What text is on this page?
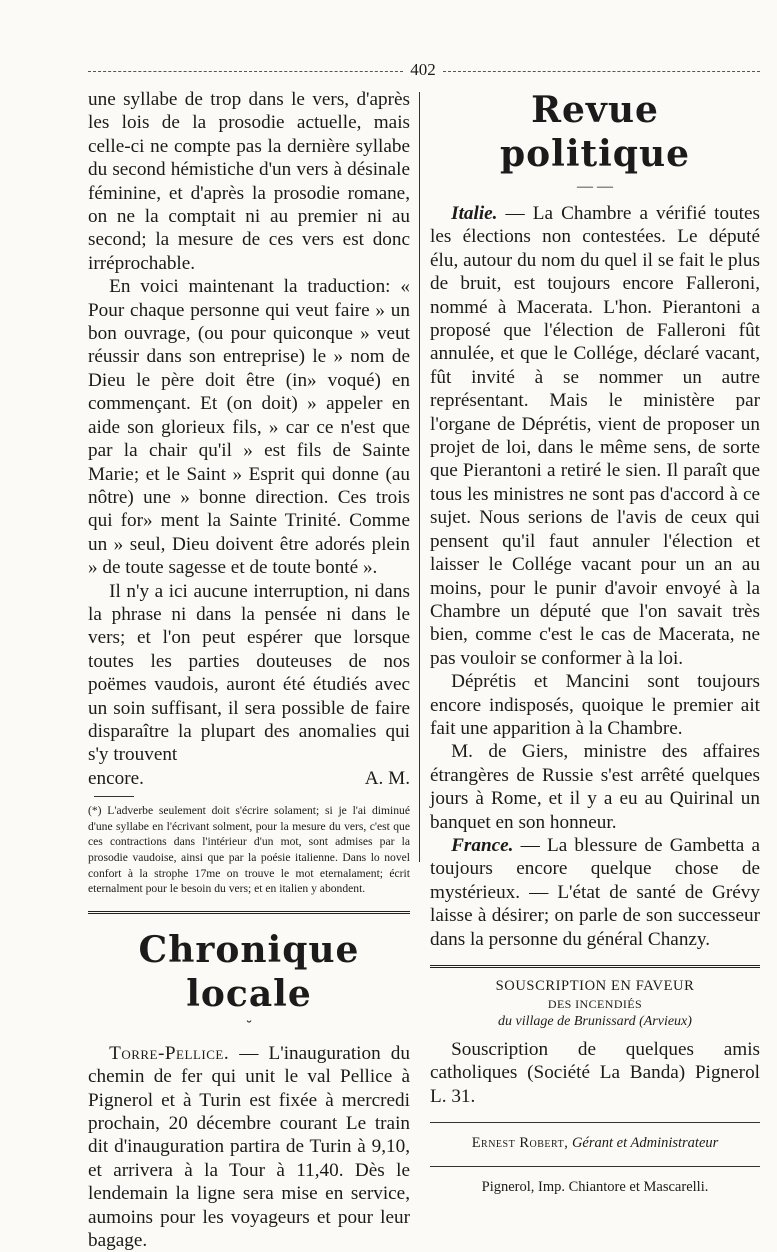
402

une syllabe de trop dans le vers, d'après les lois de la prosodie actuelle, mais celle-ci ne compte pas la dernière syllabe du second hémistiche d'un vers à désinale féminine, et d'après la prosodie romane, on ne la comptait ni au premier ni au second; la mesure de ces vers est donc irréprochable.

En voici maintenant la traduction: « Pour chaque personne qui veut faire » un bon ouvrage, (ou pour quiconque » veut réussir dans son entreprise) le » nom de Dieu le père doit être (in» voqué) en commençant. Et (on doit) » appeler en aide son glorieux fils, » car ce n'est que par la chair qu'il » est fils de Sainte Marie; et le Saint » Esprit qui donne (au nôtre) une » bonne direction. Ces trois qui for» ment la Sainte Trinité. Comme un » seul, Dieu doivent être adorés plein » de toute sagesse et de toute bonté ».

Il n'y a ici aucune interruption, ni dans la phrase ni dans la pensée ni dans le vers; et l'on peut espérer que lorsque toutes les parties douteuses de nos poëmes vaudois, auront été étudiés avec un soin suffisant, il sera possible de faire disparaître la plupart des anomalies qui s'y trouvent

encore.	A. M.
(*) L'adverbe seulement doit s'écrire solament; si je l'ai diminué d'une syllabe en l'écrivant solment, pour la mesure du vers, c'est que ces contractions dans l'intérieur d'un mot, sont admises par la prosodie vaudoise, ainsi que par la poésie italienne. Dans lo novel confort à la strophe 17me on trouve le mot eternalament; écrit eternalment pour le besoin du vers; et en italien y abondent.
Chronique locale
˘

Torre-Pellice. — L'inauguration du chemin de fer qui unit le val Pellice à Pignerol et à Turin est fixée à mercredi prochain, 20 décembre courant Le train dit d'inauguration partira de Turin à 9,10, et arrivera à la Tour à 11,40. Dès le lendemain la ligne sera mise en service, aumoins pour les voyageurs et pour leur bagage.

Revue politique
— —

Italie. — La Chambre a vérifié toutes les élections non contestées. Le député élu, autour du nom du quel il se fait le plus de bruit, est toujours encore Falleroni, nommé à Macerata. L'hon. Pierantoni a proposé que l'élection de Falleroni fût annulée, et que le Collége, déclaré vacant, fût invité à se nommer un autre représentant. Mais le ministère par l'organe de Déprétis, vient de proposer un projet de loi, dans le même sens, de sorte que Pierantoni a retiré le sien. Il paraît que tous les ministres ne sont pas d'accord à ce sujet. Nous serions de l'avis de ceux qui pensent qu'il faut annuler l'élection et laisser le Collége vacant pour un an au moins, pour le punir d'avoir envoyé à la Chambre un député que l'on savait très bien, comme c'est le cas de Macerata, ne pas vouloir se conformer à la loi.

Déprétis et Mancini sont toujours encore indisposés, quoique le premier ait fait une apparition à la Chambre.

M. de Giers, ministre des affaires étrangères de Russie s'est arrêté quelques jours à Rome, et il y a eu au Quirinal un banquet en son honneur.

France. — La blessure de Gambetta a toujours encore quelque chose de mystérieux. — L'état de santé de Grévy laisse à désirer; on parle de son successeur dans la personne du général Chanzy.

SOUSCRIPTION EN FAVEUR
DES INCENDIÉS
du village de Brunissard (Arvieux)

Souscription de quelques amis catholiques (Société La Banda) Pignerol L. 31.

Ernest Robert, Gérant et Administrateur
Pignerol, Imp. Chiantore et Mascarelli.
